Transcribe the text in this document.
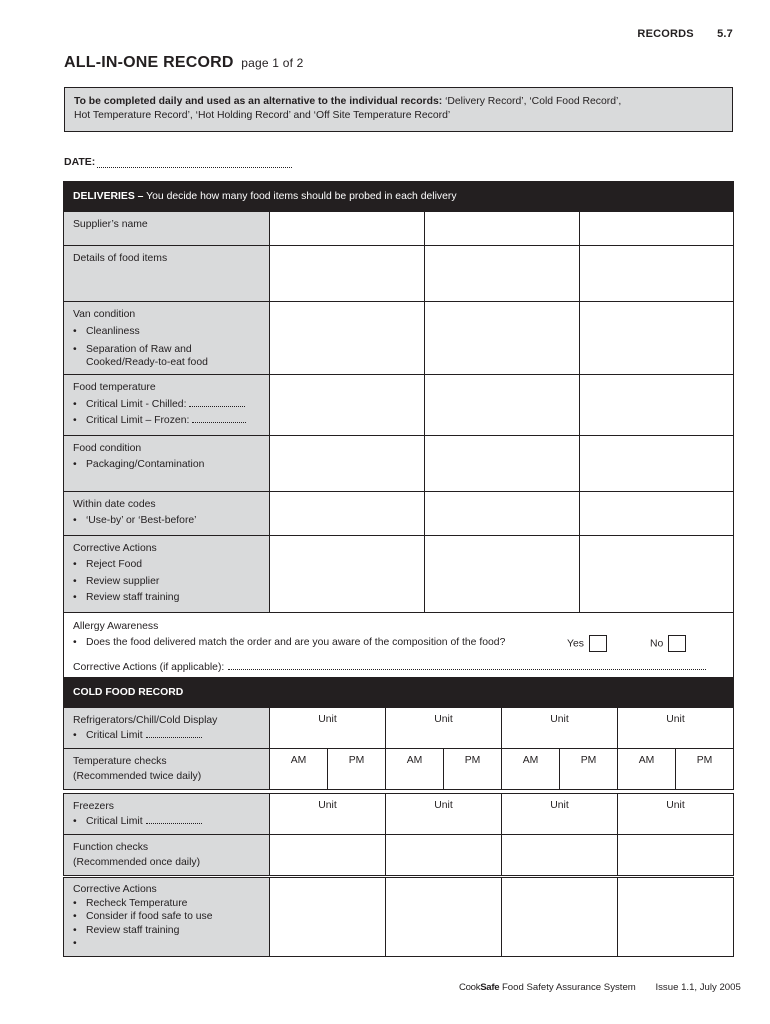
RECORDS 5.7
ALL-IN-ONE RECORD page 1 of 2
To be completed daily and used as an alternative to the individual records: ‘Delivery Record’, ‘Cold Food Record’,
Hot Temperature Record’, ‘Hot Holding Record’ and ‘Off Site Temperature Record’
DATE:
DELIVERIES – You decide how many food items should be probed in each delivery			
Supplier’s name			
Details of food items			

Van condition
• Cleanliness
• Separation of Raw and
Cooked/Ready-to-eat food

Food temperature
• Critical Limit - Chilled:
• Critical Limit – Frozen:

Food condition
• Packaging/Contamination

Within date codes
• ‘Use-by’ or ‘Best-before’

Corrective Actions
• Reject Food
• Review supplier
• Review staff training

Allergy Awareness
• Does the food delivered match the order and are you aware of the composition of the food? Yes No
Corrective Actions (if applicable):
COLD FOOD RECORD								

Refrigerators/Chill/Cold Display
• Critical Limit	Unit		Unit		Unit		Unit	

Temperature checks
(Recommended twice daily)	AM	PM	AM	PM	AM	PM	AM	PM
Freezers
• Critical Limit	Unit	Unit	Unit	Unit

Function checks
(Recommended once daily)				

Corrective Actions
• Recheck Temperature
• Consider if food safe to use
• Review staff training
•

CookSafe Food Safety Assurance System Issue 1.1, July 2005
